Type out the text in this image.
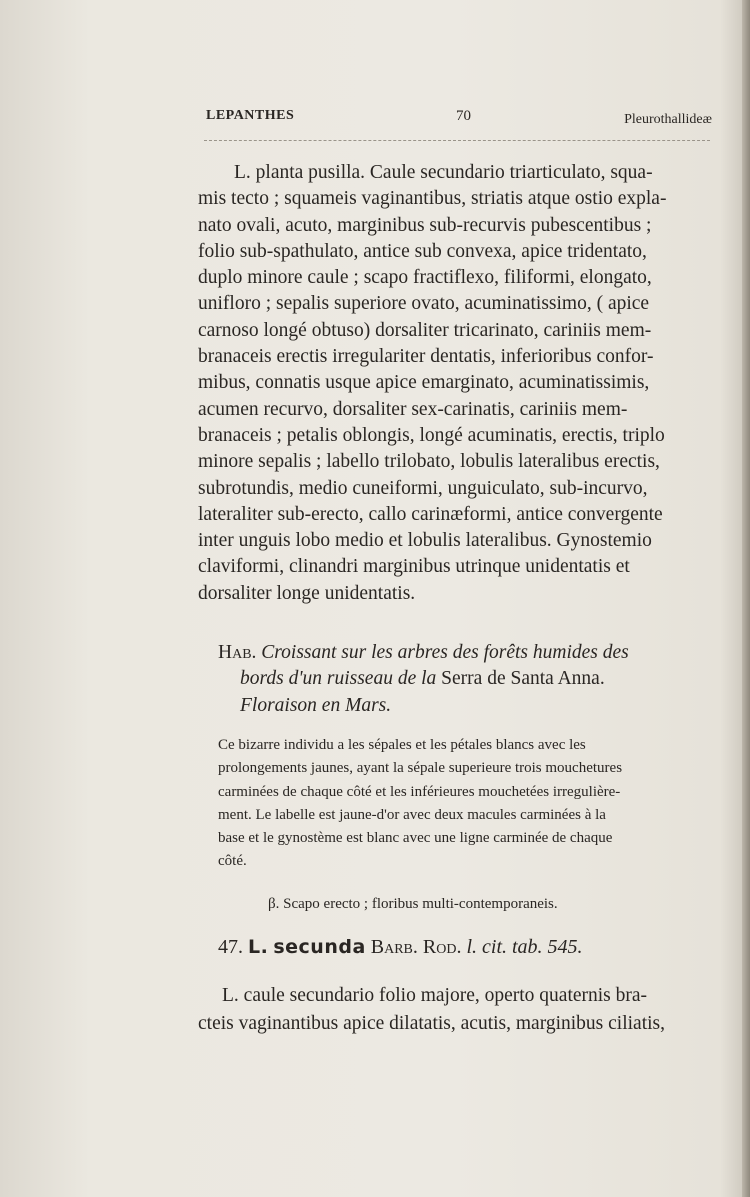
LEPANTHES	70	Pleurothallideæ
L. planta pusilla. Caule secundario triarticulato, squa-
mis tecto ; squameis vaginantibus, striatis atque ostio expla-
nato ovali, acuto, marginibus sub-recurvis pubescentibus ;
folio sub-spathulato, antice sub convexa, apice tridentato,
duplo minore caule ; scapo fractiflexo, filiformi, elongato,
unifloro ; sepalis superiore ovato, acuminatissimo, ( apice
carnoso longé obtuso) dorsaliter tricarinato, cariniis mem-
branaceis erectis irregulariter dentatis, inferioribus confor-
mibus, connatis usque apice emarginato, acuminatissimis,
acumen recurvo, dorsaliter sex-carinatis, cariniis mem-
branaceis ; petalis oblongis, longé acuminatis, erectis, triplo
minore sepalis ; labello trilobato, lobulis lateralibus erectis,
subrotundis, medio cuneiformi, unguiculato, sub-incurvo,
lateraliter sub-erecto, callo carinæformi, antice convergente
inter unguis lobo medio et lobulis lateralibus. Gynostemio
claviformi, clinandri marginibus utrinque unidentatis et
dorsaliter longe unidentatis.
Hab. Croissant sur les arbres des forêts humides des
bords d'un ruisseau de la Serra de Santa Anna.
Floraison en Mars.
Ce bizarre individu a les sépales et les pétales blancs avec les
prolongements jaunes, ayant la sépale superieure trois mouchetures
carminées de chaque côté et les inférieures mouchetées irregulière-
ment. Le labelle est jaune-d'or avec deux macules carminées à la
base et le gynostème est blanc avec une ligne carminée de chaque
côté.
β. Scapo erecto ; floribus multi-contemporaneis.
47. L. secunda Barb. Rod. l. cit. tab. 545.
L. caule secundario folio majore, operto quaternis bra-
cteis vaginantibus apice dilatatis, acutis, marginibus ciliatis,
